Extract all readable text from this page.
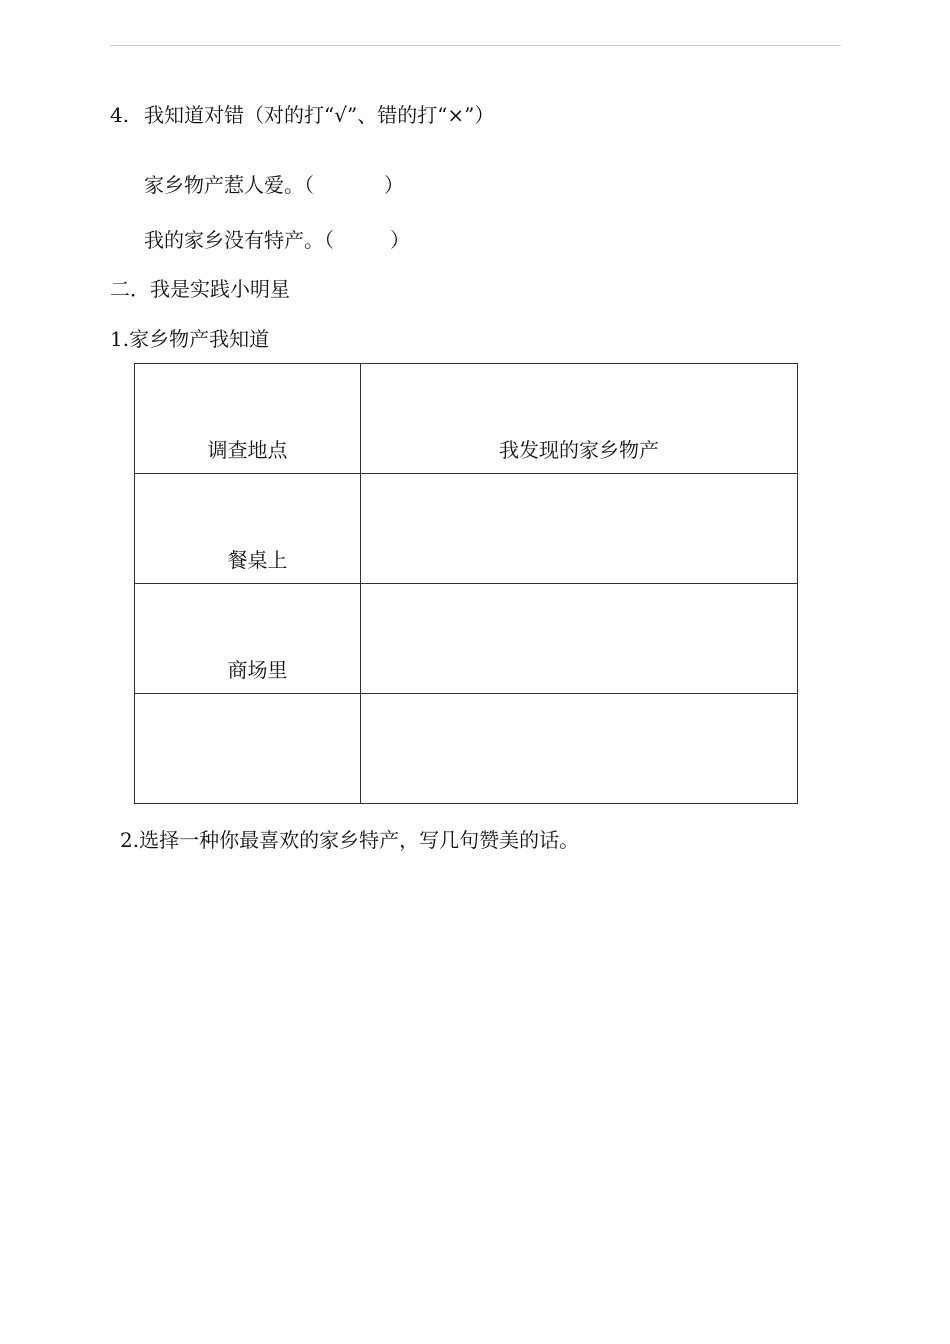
4. 我知道对错（对的打“√”、错的打“×”）
家乡物产惹人爱。（	）
我的家乡没有特产。（	）
二．我是实践小明星
1.家乡物产我知道
调查地点	我发现的家乡物产
餐桌上	
商场里	

2.选择一种你最喜欢的家乡特产，写几句赞美的话。
